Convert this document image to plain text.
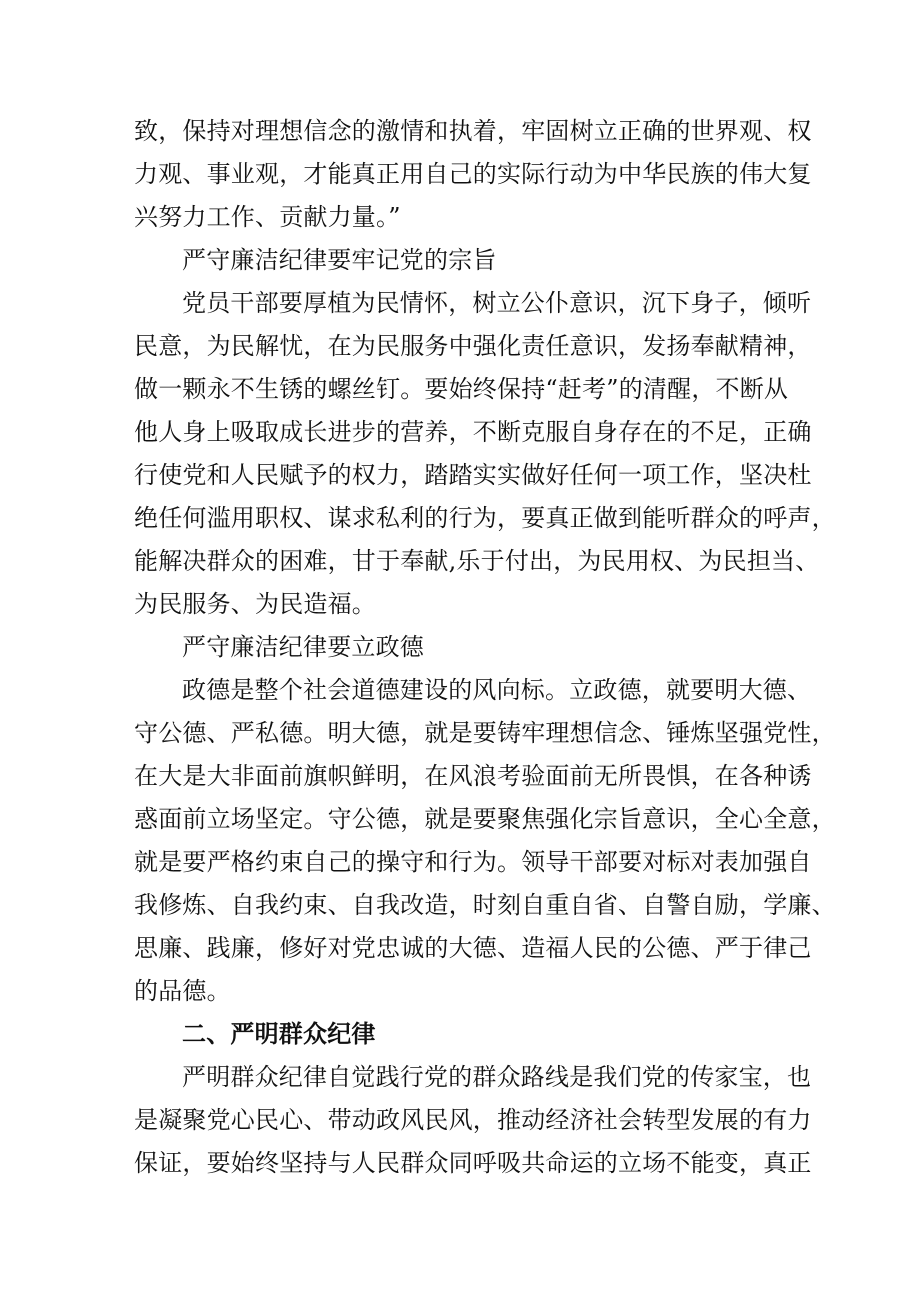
致，保持对理想信念的激情和执着，牢固树立正确的世界观、权
力观、事业观，才能真正用自己的实际行动为中华民族的伟大复
兴努力工作、贡献力量。”
严守廉洁纪律要牢记党的宗旨
党员干部要厚植为民情怀，树立公仆意识，沉下身子，倾听
民意，为民解忧，在为民服务中强化责任意识，发扬奉献精神，
做一颗永不生锈的螺丝钉。要始终保持“赶考”的清醒，不断从
他人身上吸取成长进步的营养，不断克服自身存在的不足，正确
行使党和人民赋予的权力，踏踏实实做好任何一项工作，坚决杜
绝任何滥用职权、谋求私利的行为，要真正做到能听群众的呼声，
能解决群众的困难，甘于奉献,乐于付出，为民用权、为民担当、
为民服务、为民造福。
严守廉洁纪律要立政德
政德是整个社会道德建设的风向标。立政德，就要明大德、
守公德、严私德。明大德，就是要铸牢理想信念、锤炼坚强党性，
在大是大非面前旗帜鲜明，在风浪考验面前无所畏惧，在各种诱
惑面前立场坚定。守公德，就是要聚焦强化宗旨意识，全心全意，
就是要严格约束自己的操守和行为。领导干部要对标对表加强自
我修炼、自我约束、自我改造，时刻自重自省、自警自励，学廉、
思廉、践廉，修好对党忠诚的大德、造福人民的公德、严于律己
的品德。
二、严明群众纪律
严明群众纪律自觉践行党的群众路线是我们党的传家宝，也
是凝聚党心民心、带动政风民风，推动经济社会转型发展的有力
保证，要始终坚持与人民群众同呼吸共命运的立场不能变，真正
